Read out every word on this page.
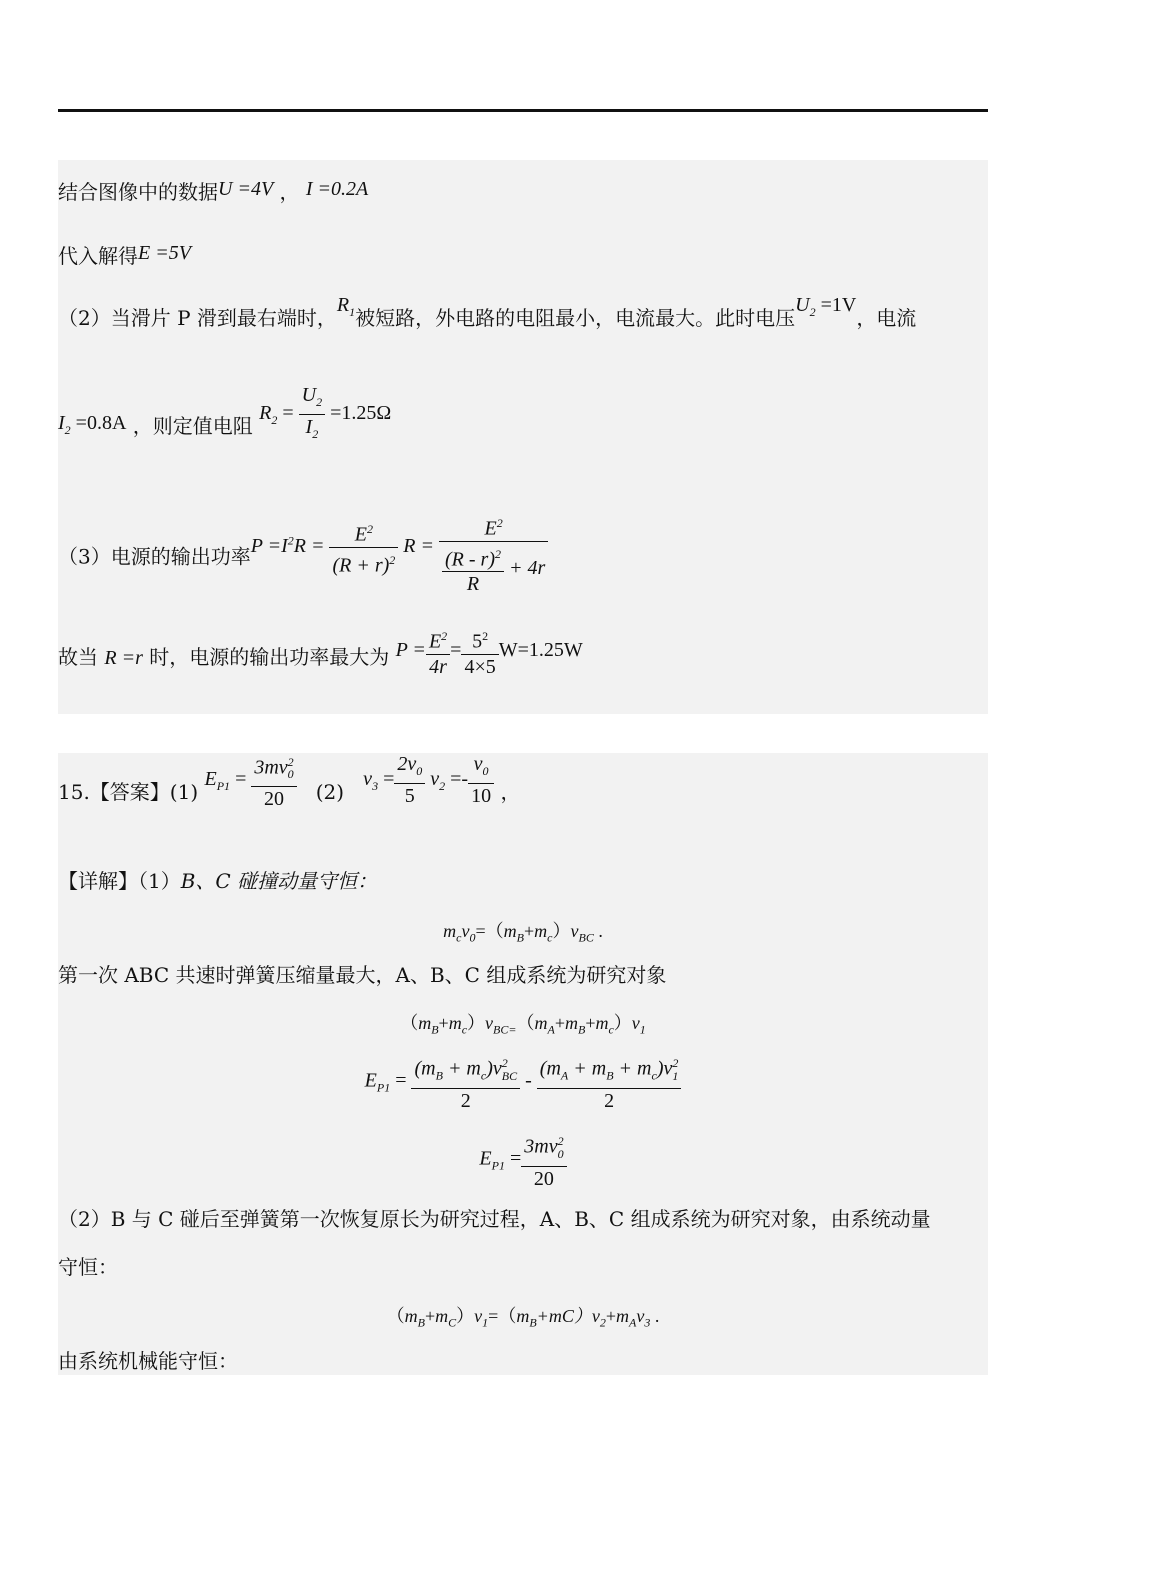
结合图像中的数据U =4V ， I =0.2A
代入解得E =5V
（2）当滑片 P 滑到最右端时，$R_1$被短路，外电路的电阻最小，电流最大。此时电压$U_2 =1V$，电流
$I_2 =0.8A$ ，则定值电阻 $R_2 = \frac{U_2}{I_2} =1.25\Omega$
（3）电源的输出功率$P =I^2R = \frac{E^2}{(R + r)^2}$ $R = \frac{E^2}{\frac{(R - r)^2}{R} + 4r}$
故当 R =r 时，电源的输出功率最大为 $P = \frac{E^2}{4r} = \frac{5^2}{4\times 5} W=1.25W$
15.【答案】(1) $E_{P1} = \frac{3mv^2_0}{20} (2) v_3 = \frac{2v_0}{5} v_2 =- \frac{v_0}{10}$ ，
【详解】（1）B、C 碰撞动量守恒：
$m_cv_0=(m_B+m_c)v_{BC}$ .
第一次 ABC 共速时弹簧压缩量最大，A、B、C 组成系统为研究对象
$(m_B+m_c)v_{BC=}(m_A+m_B+m_c)v_1$
$E_{P1} = \frac{(m_B + m_c)v^2_{BC}}{2} - \frac{(m_A + m_B + m_c)v^2_1}{2}$
$E_{P1} = \frac{3mv^2_0}{20}$
（2）B 与 C 碰后至弹簧第一次恢复原长为研究过程，A、B、C 组成系统为研究对象，由系统动量
守恒：
$(m_B+m_C)v_1=(m_B+mC)v_2+m_Av_3$ .
由系统机械能守恒：
